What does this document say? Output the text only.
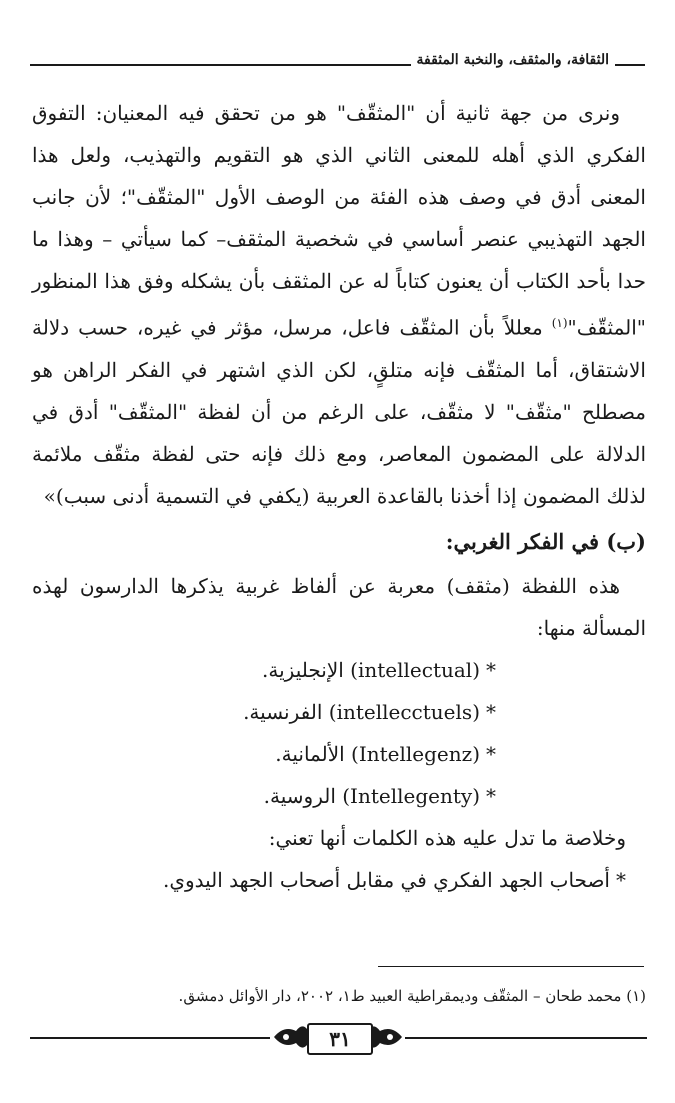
الثقافة، والمثقف، والنخبة المثقفة

ونرى من جهة ثانية أن "المثقّف" هو من تحقق فيه المعنيان: التفوق الفكري الذي أهله للمعنى الثاني الذي هو التقويم والتهذيب، ولعل هذا المعنى أدق في وصف هذه الفئة من الوصف الأول "المثقّف"؛ لأن جانب الجهد التهذيبي عنصر أساسي في شخصية المثقف– كما سيأتي – وهذا ما حدا بأحد الكتاب أن يعنون كتاباً له عن المثقف بأن يشكله وفق هذا المنظور "المثقّف"$^{(١)}$ معللاً بأن المثقّف فاعل، مرسل، مؤثر في غيره، حسب دلالة الاشتقاق، أما المثقّف فإنه متلقٍ، لكن الذي اشتهر في الفكر الراهن هو مصطلح "مثقّف" لا مثقّف، على الرغم من أن لفظة "المثقّف" أدق في الدلالة على المضمون المعاصر، ومع ذلك فإنه حتى لفظة مثقّف ملائمة لذلك المضمون إذا أخذنا بالقاعدة العربية (يكفي في التسمية أدنى سبب)»

(ب) في الفكر الغربي:

هذه اللفظة (مثقف) معربة عن ألفاظ غربية يذكرها الدارسون لهذه المسألة منها:

*(intellectual) الإنجليزية.

*(intellecctuels) الفرنسية.

*(Intellegenz) الألمانية.

*(Intellegenty) الروسية.

وخلاصة ما تدل عليه هذه الكلمات أنها تعني:

*أصحاب الجهد الفكري في مقابل أصحاب الجهد اليدوي.

(١) محمد طحان – المثقّف وديمقراطية العبيد ط١، ٢٠٠٢، دار الأوائل دمشق.
٣١
